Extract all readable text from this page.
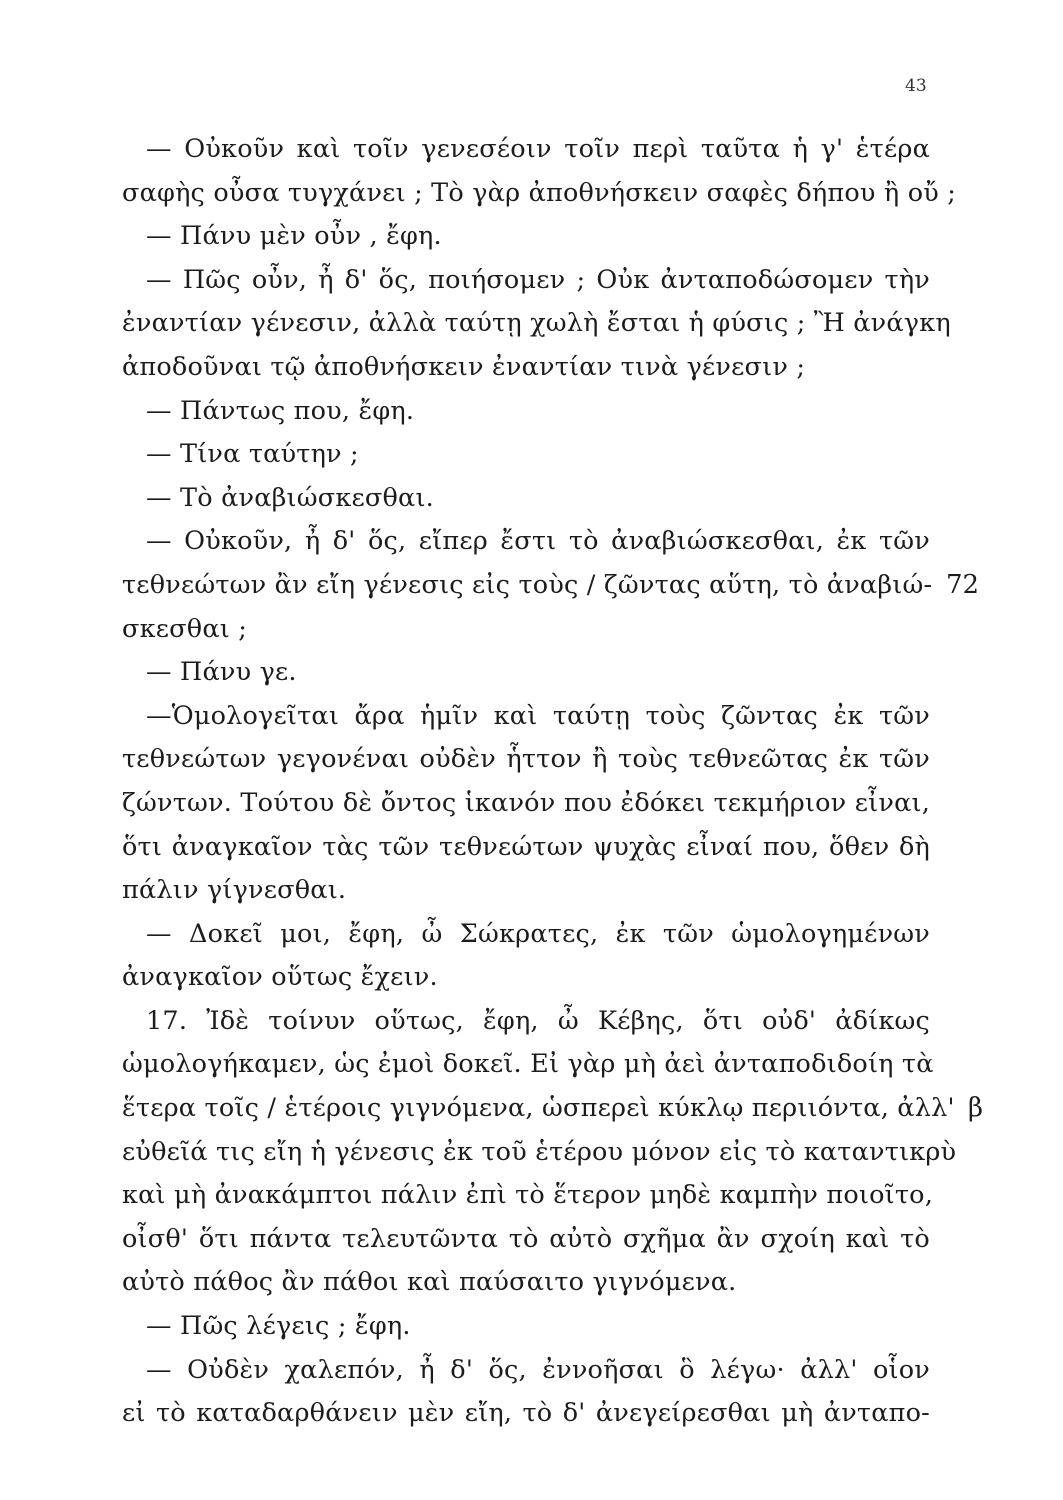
43
— Οὐκοῦν καὶ τοῖν γενεσέοιν τοῖν περὶ ταῦτα ἡ γ' ἑτέρα
σαφὴς οὖσα τυγχάνει ; Τὸ γὰρ ἀποθνήσκειν σαφὲς δήπου ἢ οὔ ;
— Πάνυ μὲν οὖν , ἔφη.
— Πῶς οὖν, ἦ δ' ὅς, ποιήσομεν ; Οὐκ ἀνταποδώσομεν τὴν
ἐναντίαν γένεσιν, ἀλλὰ ταύτῃ χωλὴ ἔσται ἡ φύσις ; Ἢ ἀνάγκη
ἀποδοῦναι τῷ ἀποθνήσκειν ἐναντίαν τινὰ γένεσιν ;
— Πάντως που, ἔφη.
— Τίνα ταύτην ;
— Τὸ ἀναβιώσκεσθαι.
— Οὐκοῦν, ἦ δ' ὅς, εἴπερ ἔστι τὸ ἀναβιώσκεσθαι, ἐκ τῶν
τεθνεώτων ἂν εἴη γένεσις εἰς τοὺς / ζῶντας αὕτη, τὸ ἀναβιώ- 72
σκεσθαι ;
— Πάνυ γε.
—Ὁμολογεῖται ἄρα ἡμῖν καὶ ταύτῃ τοὺς ζῶντας ἐκ τῶν
τεθνεώτων γεγονέναι οὐδὲν ἧττον ἢ τοὺς τεθνεῶτας ἐκ τῶν
ζώντων. Τούτου δὲ ὄντος ἱκανόν που ἐδόκει τεκμήριον εἶναι,
ὅτι ἀναγκαῖον τὰς τῶν τεθνεώτων ψυχὰς εἶναί που, ὅθεν δὴ
πάλιν γίγνεσθαι.
— Δοκεῖ μοι, ἔφη, ὦ Σώκρατες, ἐκ τῶν ὡμολογημένων
ἀναγκαῖον οὕτως ἔχειν.
17. Ἰδὲ τοίνυν οὕτως, ἔφη, ὦ Κέβης, ὅτι οὐδ' ἀδίκως
ὡμολογήκαμεν, ὡς ἐμοὶ δοκεῖ. Εἰ γὰρ μὴ ἀεὶ ἀνταποδιδοίη τὰ
ἕτερα τοῖς / ἑτέροις γιγνόμενα, ὡσπερεὶ κύκλῳ περιιόντα, ἀλλ' β
εὐθεῖά τις εἴη ἡ γένεσις ἐκ τοῦ ἑτέρου μόνον εἰς τὸ καταντικρὺ
καὶ μὴ ἀνακάμπτοι πάλιν ἐπὶ τὸ ἕτερον μηδὲ καμπὴν ποιοῖτο,
οἶσθ' ὅτι πάντα τελευτῶντα τὸ αὐτὸ σχῆμα ἂν σχοίη καὶ τὸ
αὐτὸ πάθος ἂν πάθοι καὶ παύσαιτο γιγνόμενα.
— Πῶς λέγεις ; ἔφη.
— Οὐδὲν χαλεπόν, ἦ δ' ὅς, ἐννοῆσαι ὃ λέγω· ἀλλ' οἷον
εἰ τὸ καταδαρθάνειν μὲν εἴη, τὸ δ' ἀνεγείρεσθαι μὴ ἀνταπο-
